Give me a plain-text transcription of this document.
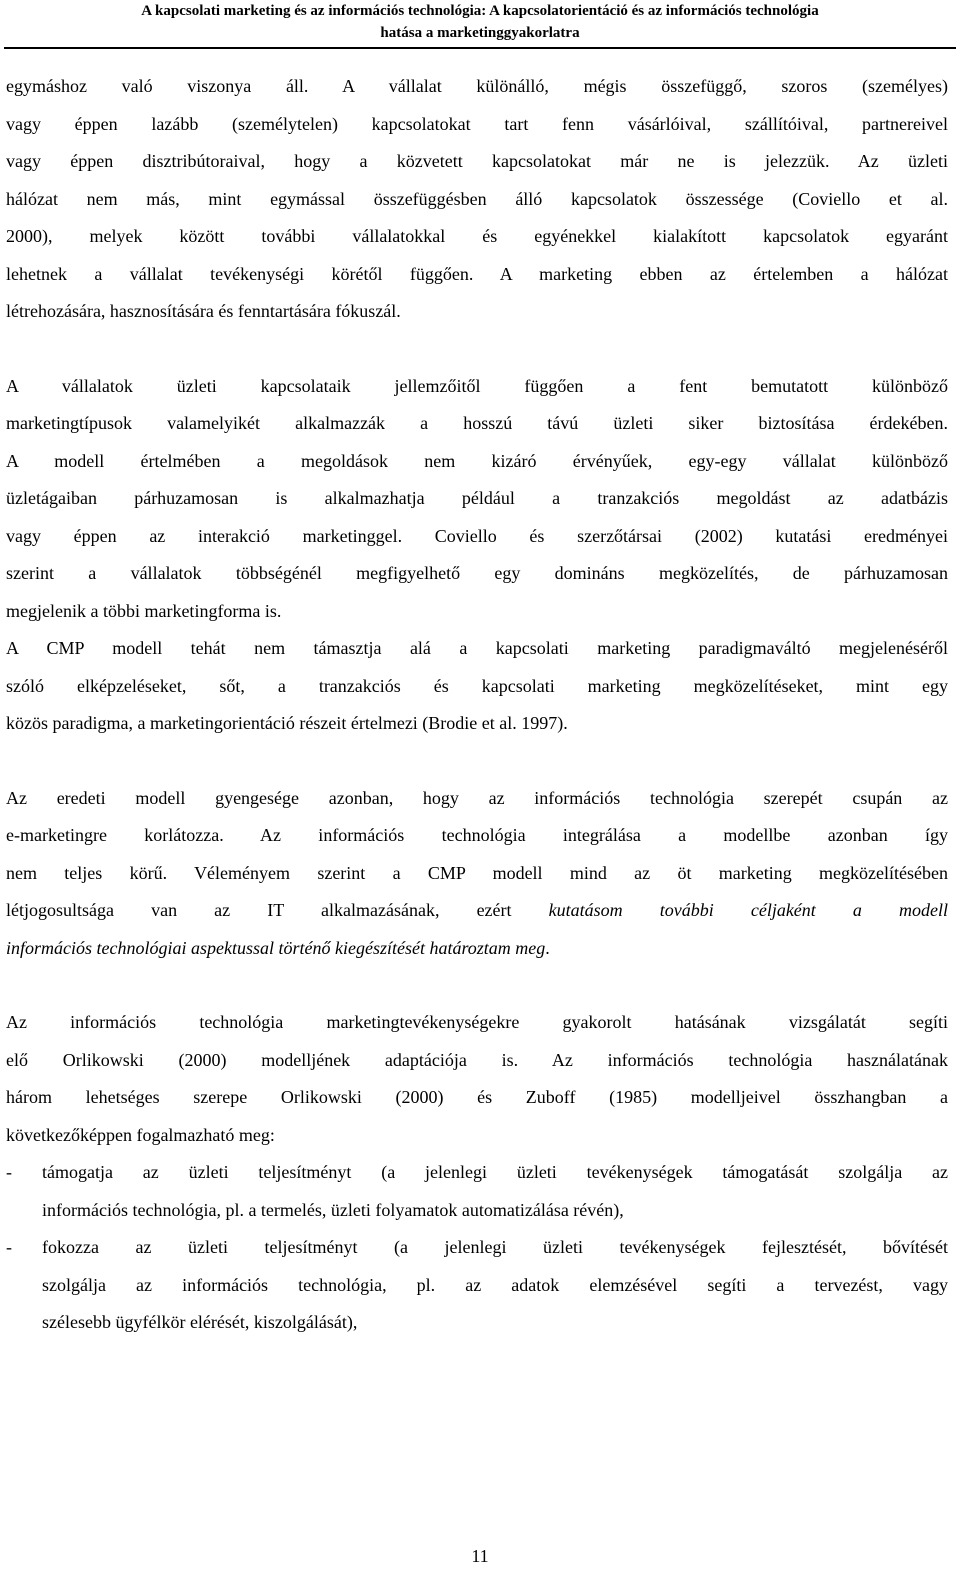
A kapcsolati marketing és az információs technológia: A kapcsolatorientáció és az információs technológia
hatása a marketinggyakorlatra
egymáshoz való viszonya áll. A vállalat különálló, mégis összefüggő, szoros (személyes)
vagy éppen lazább (személytelen) kapcsolatokat tart fenn vásárlóival, szállítóival, partnereivel
vagy éppen disztribútoraival, hogy a közvetett kapcsolatokat már ne is jelezzük. Az üzleti
hálózat nem más, mint egymással összefüggésben álló kapcsolatok összessége (Coviello et al.
2000), melyek között további vállalatokkal és egyénekkel kialakított kapcsolatok egyaránt
lehetnek a vállalat tevékenységi körétől függően. A marketing ebben az értelemben a hálózat
létrehozására, hasznosítására és fenntartására fókuszál.
A vállalatok üzleti kapcsolataik jellemzőitől függően a fent bemutatott különböző
marketingtípusok valamelyikét alkalmazzák a hosszú távú üzleti siker biztosítása érdekében.
A modell értelmében a megoldások nem kizáró érvényűek, egy-egy vállalat különböző
üzletágaiban párhuzamosan is alkalmazhatja például a tranzakciós megoldást az adatbázis
vagy éppen az interakció marketinggel. Coviello és szerzőtársai (2002) kutatási eredményei
szerint a vállalatok többségénél megfigyelhető egy domináns megközelítés, de párhuzamosan
megjelenik a többi marketingforma is.
A CMP modell tehát nem támasztja alá a kapcsolati marketing paradigmaváltó megjelenéséről
szóló elképzeléseket, sőt, a tranzakciós és kapcsolati marketing megközelítéseket, mint egy
közös paradigma, a marketingorientáció részeit értelmezi (Brodie et al. 1997).
Az eredeti modell gyengesége azonban, hogy az információs technológia szerepét csupán az
e-marketingre korlátozza. Az információs technológia integrálása a modellbe azonban így
nem teljes körű. Véleményem szerint a CMP modell mind az öt marketing megközelítésében
létjogosultsága van az IT alkalmazásának, ezért kutatásom további céljaként a modell
információs technológiai aspektussal történő kiegészítését határoztam meg.
Az információs technológia marketingtevékenységekre gyakorolt hatásának vizsgálatát segíti
elő Orlikowski (2000) modelljének adaptációja is. Az információs technológia használatának
három lehetséges szerepe Orlikowski (2000) és Zuboff (1985) modelljeivel összhangban a
következőképpen fogalmazható meg:
-	támogatja az üzleti teljesítményt (a jelenlegi üzleti tevékenységek támogatását szolgálja az
információs technológia, pl. a termelés, üzleti folyamatok automatizálása révén),
-	fokozza az üzleti teljesítményt (a jelenlegi üzleti tevékenységek fejlesztését, bővítését
szolgálja az információs technológia, pl. az adatok elemzésével segíti a tervezést, vagy
szélesebb ügyfélkör elérését, kiszolgálását),
11
